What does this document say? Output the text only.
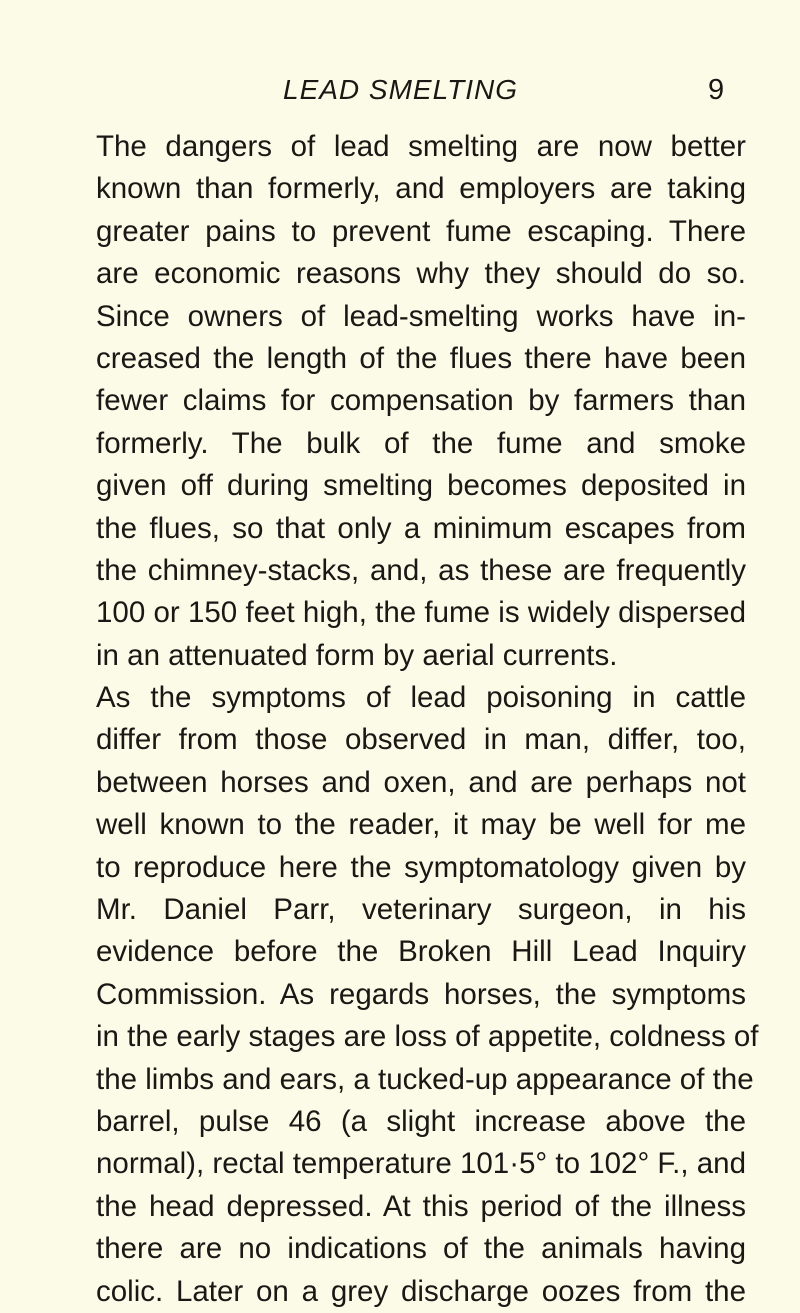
LEAD SMELTING	9
The dangers of lead smelting are now better
known than formerly, and employers are taking
greater pains to prevent fume escaping. There
are economic reasons why they should do so.
Since owners of lead-smelting works have in-
creased the length of the flues there have been
fewer claims for compensation by farmers than
formerly. The bulk of the fume and smoke
given off during smelting becomes deposited in
the flues, so that only a minimum escapes from
the chimney-stacks, and, as these are frequently
100 or 150 feet high, the fume is widely dispersed
in an attenuated form by aerial currents.
As the symptoms of lead poisoning in cattle
differ from those observed in man, differ, too,
between horses and oxen, and are perhaps not
well known to the reader, it may be well for me
to reproduce here the symptomatology given by
Mr. Daniel Parr, veterinary surgeon, in his
evidence before the Broken Hill Lead Inquiry
Commission. As regards horses, the symptoms
in the early stages are loss of appetite, coldness of
the limbs and ears, a tucked-up appearance of the
barrel, pulse 46 (a slight increase above the
normal), rectal temperature 101·5° to 102° F., and
the head depressed. At this period of the illness
there are no indications of the animals having
colic. Later on a grey discharge oozes from the
